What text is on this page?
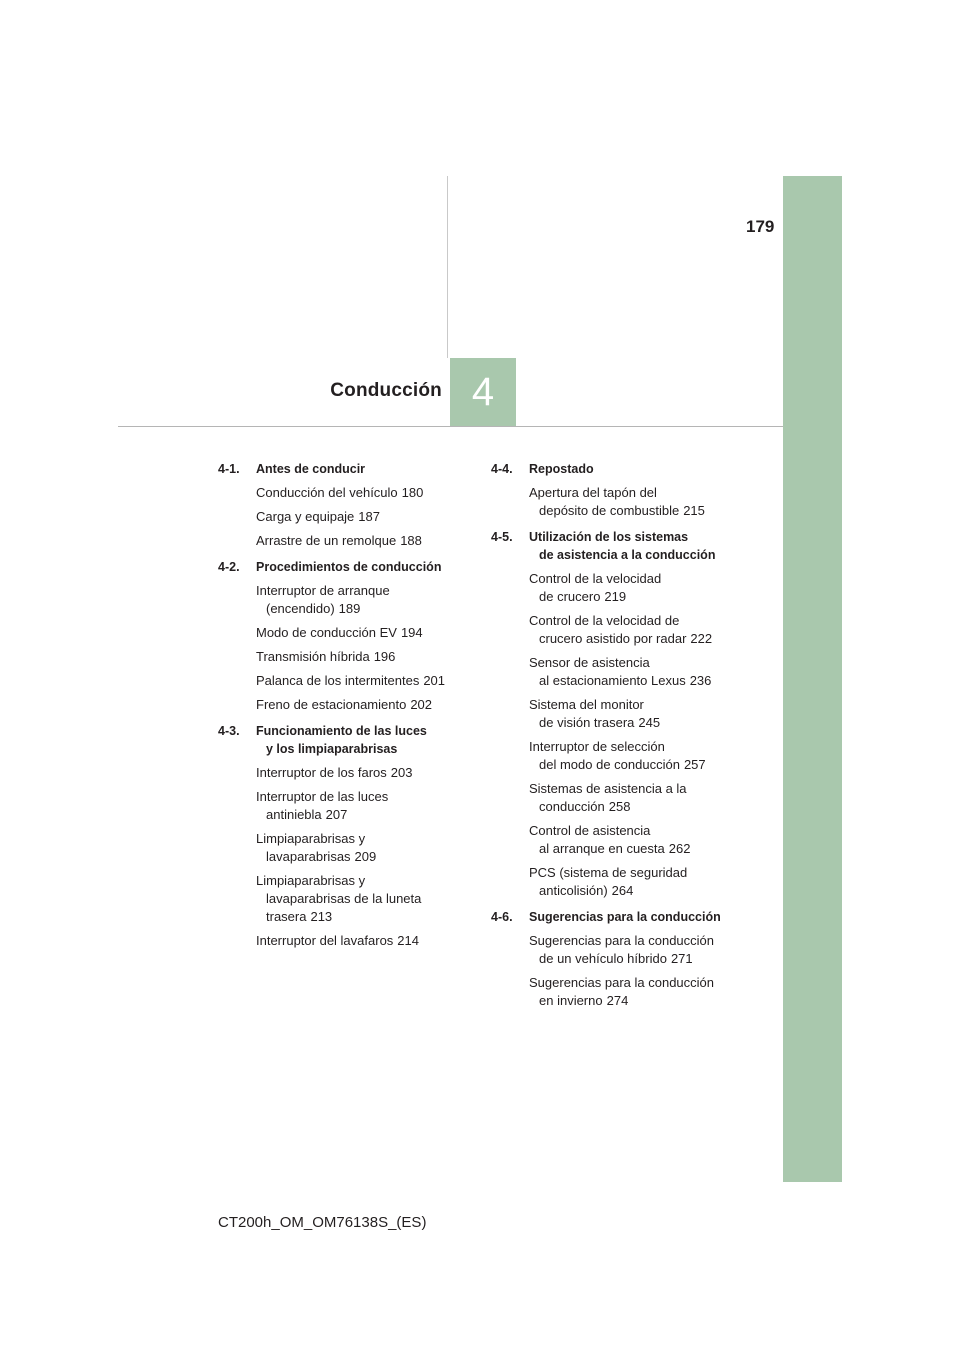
179
Conducción 4
4-1. Antes de conducir
Conducción del vehículo 180
Carga y equipaje 187
Arrastre de un remolque 188
4-2. Procedimientos de conducción
Interruptor de arranque
(encendido) 189
Modo de conducción EV 194
Transmisión híbrida 196
Palanca de los intermitentes 201
Freno de estacionamiento 202
4-3. Funcionamiento de las luces
y los limpiaparabrisas
Interruptor de los faros 203
Interruptor de las luces
antiniebla 207
Limpiaparabrisas y
lavaparabrisas 209
Limpiaparabrisas y
lavaparabrisas de la luneta
trasera 213
Interruptor del lavafaros 214
4-4. Repostado
Apertura del tapón del
depósito de combustible 215
4-5. Utilización de los sistemas
de asistencia a la conducción
Control de la velocidad
de crucero 219
Control de la velocidad de
crucero asistido por radar 222
Sensor de asistencia
al estacionamiento Lexus 236
Sistema del monitor
de visión trasera 245
Interruptor de selección
del modo de conducción 257
Sistemas de asistencia a la
conducción 258
Control de asistencia
al arranque en cuesta 262
PCS (sistema de seguridad
anticolisión) 264
4-6. Sugerencias para la conducción
Sugerencias para la conducción
de un vehículo híbrido 271
Sugerencias para la conducción
en invierno 274
CT200h_OM_OM76138S_(ES)
